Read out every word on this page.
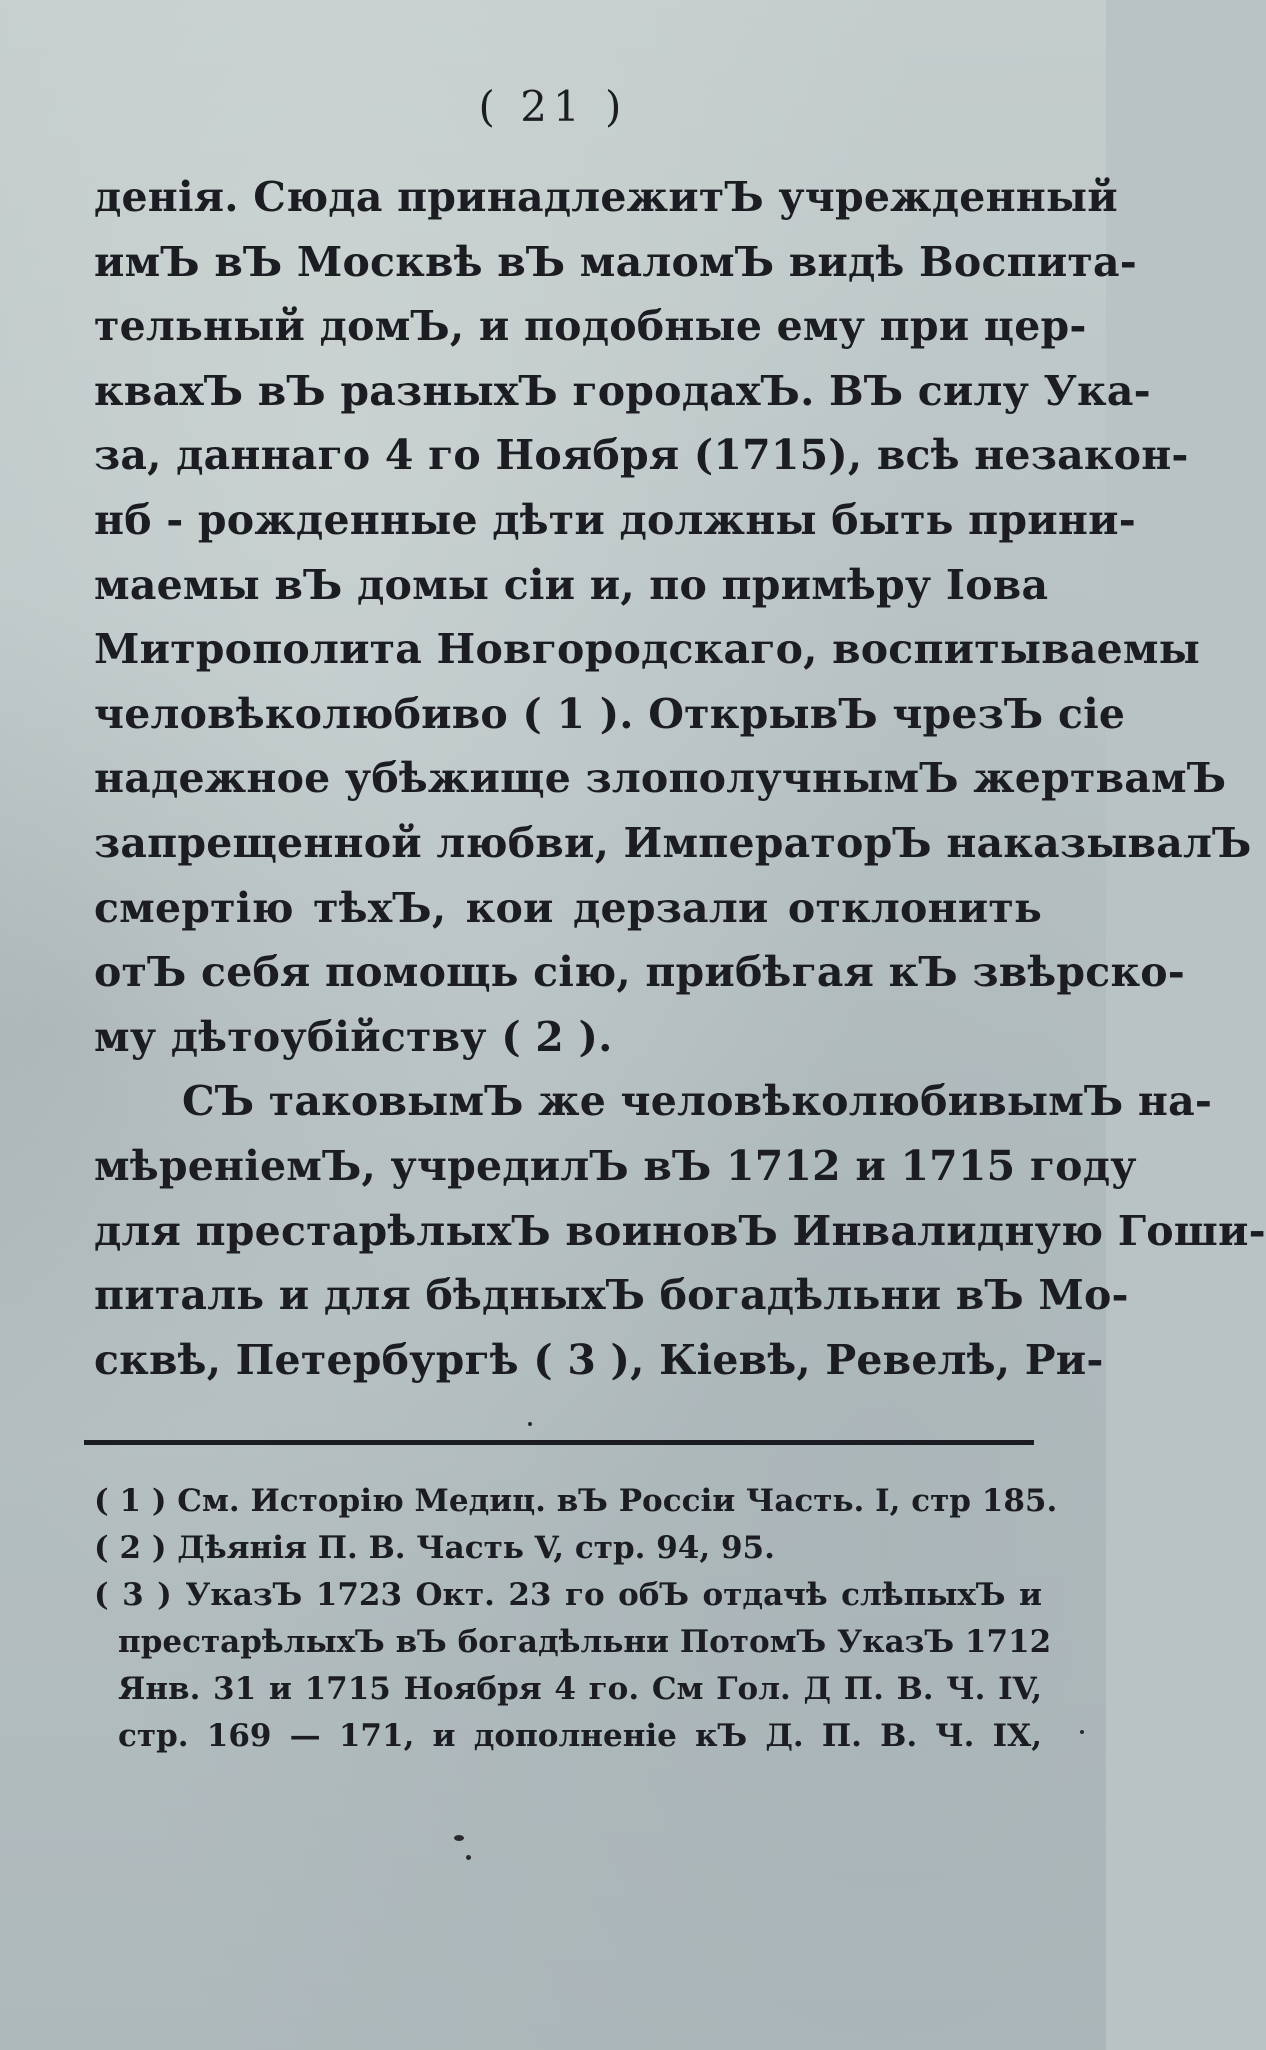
( 21 )
денія. Сюда принадлежитЪ учрежденный
имЪ вЪ Москвѣ вЪ маломЪ видѣ Воспита-
тельный домЪ, и подобные ему при цер-
квахЪ вЪ разныхЪ городахЪ. ВЪ силу Ука-
за, даннаго 4 го Ноября (1715), всѣ незакон-
нб - рожденные дѣти должны быть прини-
маемы вЪ домы сіи и, по примѣру Іова
Митрополита Новгородскаго, воспитываемы
человѣколюбиво ( 1 ). ОткрывЪ чрезЪ сіе
надежное убѣжище злополучнымЪ жертвамЪ
запрещенной любви, ИмператорЪ наказывалЪ
смертію тѣхЪ, кои дерзали отклонить
отЪ себя помощь сію, прибѣгая кЪ звѣрско-
му дѣтоубійству ( 2 ).
СЪ таковымЪ же человѣколюбивымЪ на-
мѣреніемЪ, учредилЪ вЪ 1712 и 1715 году
для престарѣлыхЪ воиновЪ Инвалидную Гоши-
питаль и для бѣдныхЪ богадѣльни вЪ Мо-
сквѣ, Петербургѣ ( 3 ), Кіевѣ, Ревелѣ, Ри-
( 1 ) См. Исторію Медиц. вЪ Россіи Часть. I, стр 185.
( 2 ) Дѣянія П. В. Часть V, стр. 94, 95.
( 3 ) УказЪ 1723 Окт. 23 го обЪ отдачѣ слѣпыхЪ и
престарѣлыхЪ вЪ богадѣльни ПотомЪ УказЪ 1712
Янв. 31 и 1715 Ноября 4 го. См Гол. Д П. В. Ч. IV,
стр. 169 — 171, и дополненіе кЪ Д. П. В. Ч. IX,
